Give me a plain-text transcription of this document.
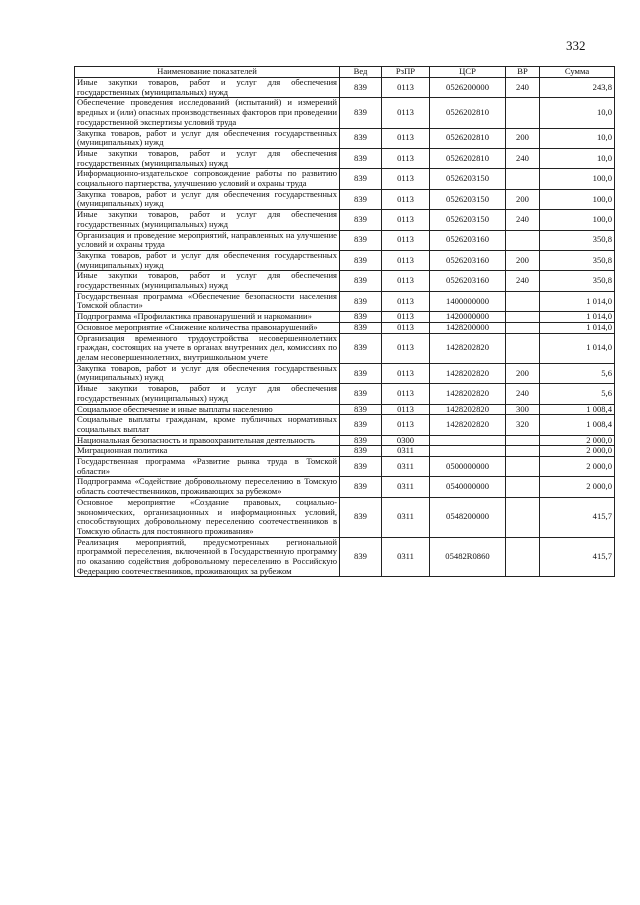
332
Наименование показателей	Вед	РзПР	ЦСР	ВР	Сумма
Иные закупки товаров, работ и услуг для обеспечения государственных (муниципальных) нужд	839	0113	0526200000	240	243,8
Обеспечение проведения исследований (испытаний) и измерений вредных и (или) опасных производственных факторов при проведении государственной экспертизы условий труда	839	0113	0526202810		10,0
Закупка товаров, работ и услуг для обеспечения государственных (муниципальных) нужд	839	0113	0526202810	200	10,0
Иные закупки товаров, работ и услуг для обеспечения государственных (муниципальных) нужд	839	0113	0526202810	240	10,0
Информационно-издательское сопровождение работы по развитию социального партнерства, улучшению условий и охраны труда	839	0113	0526203150		100,0
Закупка товаров, работ и услуг для обеспечения государственных (муниципальных) нужд	839	0113	0526203150	200	100,0
Иные закупки товаров, работ и услуг для обеспечения государственных (муниципальных) нужд	839	0113	0526203150	240	100,0
Организация и проведение мероприятий, направленных на улучшение условий и охраны труда	839	0113	0526203160		350,8
Закупка товаров, работ и услуг для обеспечения государственных (муниципальных) нужд	839	0113	0526203160	200	350,8
Иные закупки товаров, работ и услуг для обеспечения государственных (муниципальных) нужд	839	0113	0526203160	240	350,8
Государственная программа «Обеспечение безопасности населения Томской области»	839	0113	1400000000		1 014,0
Подпрограмма «Профилактика правонарушений и наркомании»	839	0113	1420000000		1 014,0
Основное мероприятие «Снижение количества правонарушений»	839	0113	1428200000		1 014,0
Организация временного трудоустройства несовершеннолетних граждан, состоящих на учете в органах внутренних дел, комиссиях по делам несовершеннолетних, внутришкольном учете	839	0113	1428202820		1 014,0
Закупка товаров, работ и услуг для обеспечения государственных (муниципальных) нужд	839	0113	1428202820	200	5,6
Иные закупки товаров, работ и услуг для обеспечения государственных (муниципальных) нужд	839	0113	1428202820	240	5,6
Социальное обеспечение и иные выплаты населению	839	0113	1428202820	300	1 008,4
Социальные выплаты гражданам, кроме публичных нормативных социальных выплат	839	0113	1428202820	320	1 008,4
Национальная безопасность и правоохранительная деятельность	839	0300			2 000,0
Миграционная политика	839	0311			2 000,0
Государственная программа «Развитие рынка труда в Томской области»	839	0311	0500000000		2 000,0
Подпрограмма «Содействие добровольному переселению в Томскую область соотечественников, проживающих за рубежом»	839	0311	0540000000		2 000,0
Основное мероприятие «Создание правовых, социально-экономических, организационных и информационных условий, способствующих добровольному переселению соотечественников в Томскую область для постоянного проживания»	839	0311	0548200000		415,7
Реализация мероприятий, предусмотренных региональной программой переселения, включенной в Государственную программу по оказанию содействия добровольному переселению в Российскую Федерацию соотечественников, проживающих за рубежом	839	0311	05482R0860		415,7
